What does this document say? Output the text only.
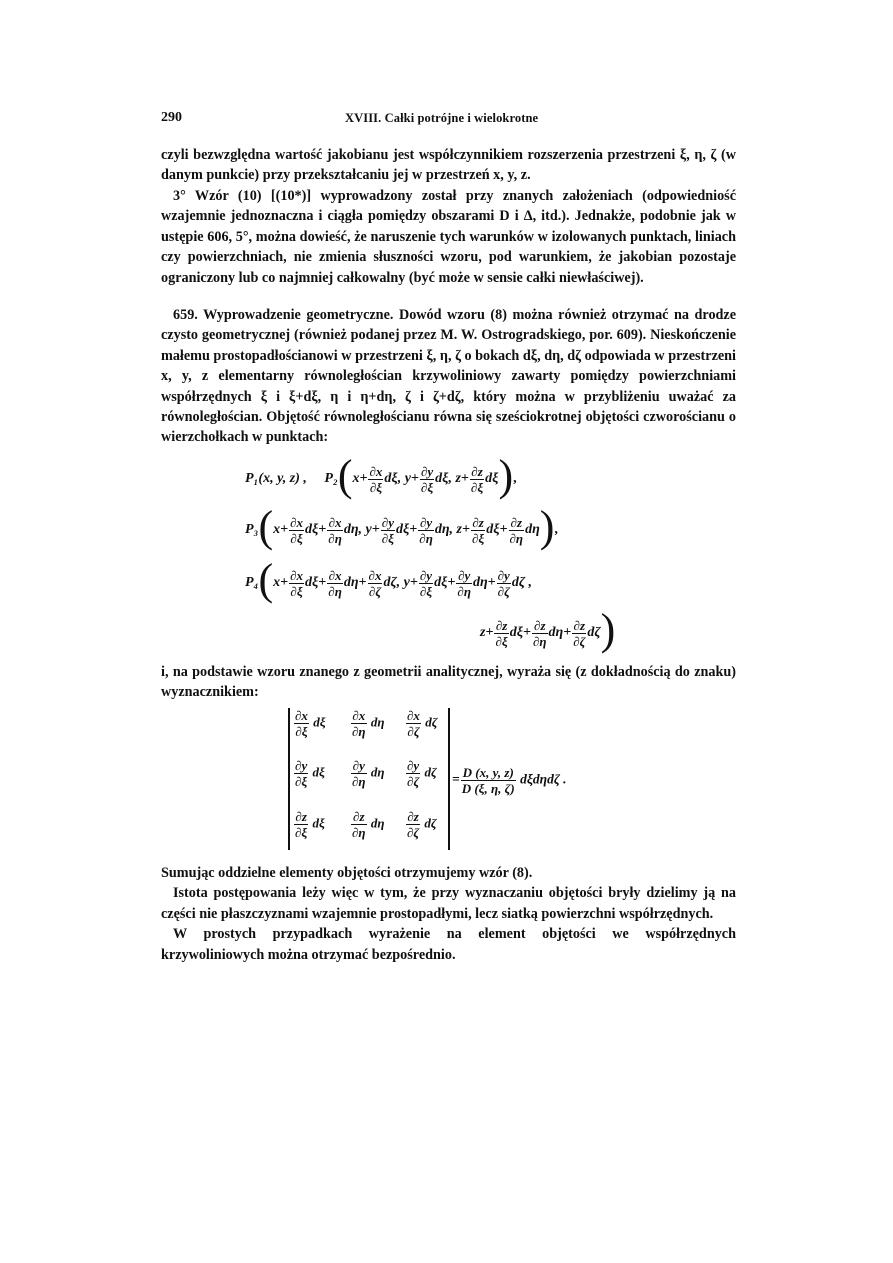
290	XVIII. Całki potrójne i wielokrotne

czyli bezwzględna wartość jakobianu jest współczynnikiem rozszerzenia przestrzeni ξ, η, ζ (w danym punkcie) przy przekształcaniu jej w przestrzeń x, y, z.

3° Wzór (10) [(10*)] wyprowadzony został przy znanych założeniach (odpowiedniość wzajemnie jednoznaczna i ciągła pomiędzy obszarami D i Δ, itd.). Jednakże, podobnie jak w ustępie 606, 5°, można dowieść, że naruszenie tych warunków w izolowanych punktach, liniach czy powierzchniach, nie zmienia słuszności wzoru, pod warunkiem, że jakobian pozostaje ograniczony lub co najmniej całkowalny (być może w sensie całki niewłaściwej).

659. Wyprowadzenie geometryczne. Dowód wzoru (8) można również otrzymać na drodze czysto geometrycznej (również podanej przez M. W. Ostrogradskiego, por. 609). Nieskończenie małemu prostopadłościanowi w przestrzeni ξ, η, ζ o bokach dξ, dη, dζ odpowiada w przestrzeni x, y, z elementarny równoległościan krzywoliniowy zawarty pomiędzy powierzchniami współrzędnych ξ i ξ+dξ, η i η+dη, ζ i ζ+dζ, który można w przybliżeniu uważać za równoległościan. Objętość równoległościanu równa się sześciokrotnej objętości czworościanu o wierzchołkach w punktach:

P₁(x, y, z) , $P_2(x+ \frac{\partial x}{\partial\xi} d\xi$, $y+ \frac{\partial y}{\partial\xi} d\xi$, $z+ \frac{\partial z}{\partial\xi} d\xi$),
$P_3(x+ \frac{\partial x}{\partial\xi} d\xi+ \frac{\partial x}{\partial\eta} d\eta$, $y+ \frac{\partial y}{\partial\xi} d\xi+ \frac{\partial y}{\partial\eta} d\eta$, $z+ \frac{\partial z}{\partial\xi} d\xi+ \frac{\partial z}{\partial\eta} d\eta$),
$P_4(x+ \frac{\partial x}{\partial\xi} d\xi+ \frac{\partial x}{\partial\eta} d\eta+ \frac{\partial x}{\partial\zeta} d\zeta$, $y+ \frac{\partial y}{\partial\xi} d\xi+ \frac{\partial y}{\partial\eta} d\eta+ \frac{\partial y}{\partial\zeta}$ dζ ,
$z+ \frac{\partial z}{\partial\xi} d\xi+ \frac{\partial z}{\partial\eta} d\eta+ \frac{\partial z}{\partial\zeta} d\zeta$)

i, na podstawie wzoru znanego z geometrii analitycznej, wyraża się (z dokładnością do znaku) wyznacznikiem:

$\frac{\partial x}{\partial\xi}$ dξ $\frac{\partial x}{\partial\eta}$ dη $\frac{\partial x}{\partial\zeta}$ dζ
$\frac{\partial y}{\partial\xi}$ dξ $\frac{\partial y}{\partial\eta}$ dη $\frac{\partial y}{\partial\zeta}$ dζ
$\frac{\partial z}{\partial\xi}$ dξ $\frac{\partial z}{\partial\eta}$ dη $\frac{\partial z}{\partial\zeta}$ dζ
= $\frac{D (x, y, z)}{D (\xi, \eta, \zeta)}$ dξdηdζ .

Sumując oddzielne elementy objętości otrzymujemy wzór (8).

Istota postępowania leży więc w tym, że przy wyznaczaniu objętości bryły dzielimy ją na części nie płaszczyznami wzajemnie prostopadłymi, lecz siatką powierzchni współrzędnych.

W prostych przypadkach wyrażenie na element objętości we współrzędnych krzywoliniowych można otrzymać bezpośrednio.
